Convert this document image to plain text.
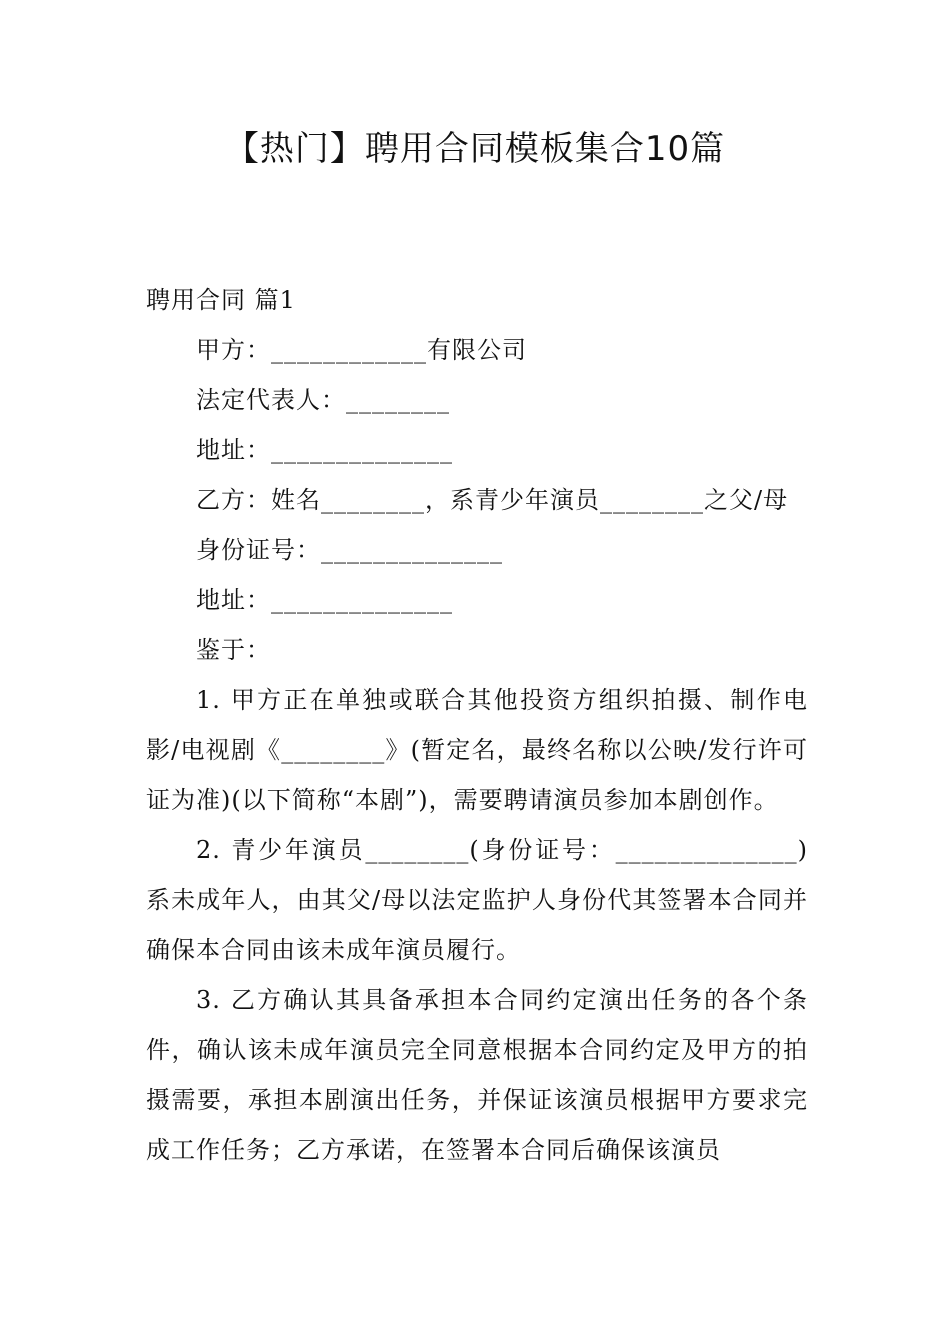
【热门】聘用合同模板集合10篇

聘用合同 篇1

甲方：____________有限公司

法定代表人：________

地址：______________

乙方：姓名________，系青少年演员________之父/母

身份证号：______________

地址：______________

鉴于：

1. 甲方正在单独或联合其他投资方组织拍摄、制作电影/电视剧《________》(暂定名，最终名称以公映/发行许可证为准)(以下简称“本剧”)，需要聘请演员参加本剧创作。

2. 青少年演员________(身份证号：______________)系未成年人，由其父/母以法定监护人身份代其签署本合同并确保本合同由该未成年演员履行。

3. 乙方确认其具备承担本合同约定演出任务的各个条件，确认该未成年演员完全同意根据本合同约定及甲方的拍摄需要，承担本剧演出任务，并保证该演员根据甲方要求完成工作任务；乙方承诺，在签署本合同后确保该演员
